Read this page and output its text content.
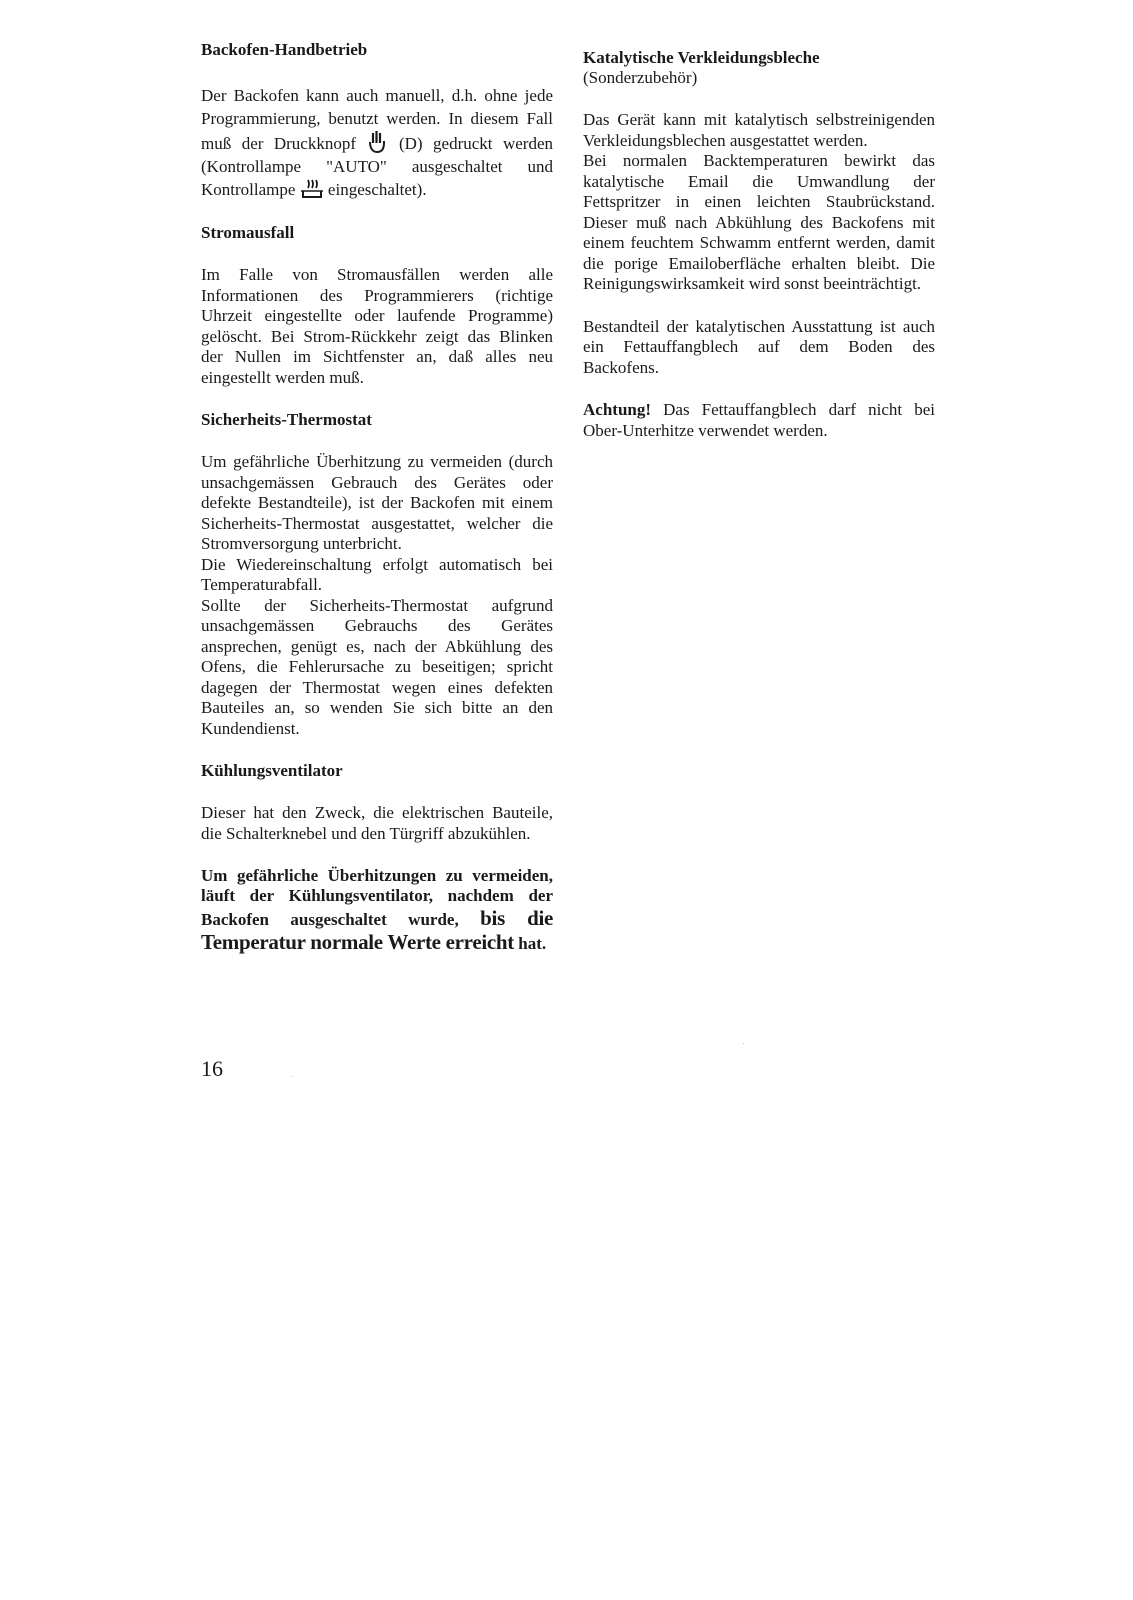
Backofen-Handbetrieb

Der Backofen kann auch manuell, d.h. ohne jede Programmierung, benutzt werden. In diesem Fall muß der Druckknopf	(D) gedruckt werden (Kontrollampe "AUTO" ausgeschaltet und Kontrollampe eingeschaltet).

Stromausfall

Im Falle von Stromausfällen werden alle Informationen des Programmierers (richtige Uhrzeit eingestellte oder laufende Programme) gelöscht. Bei Strom-Rückkehr zeigt das Blinken der Nullen im Sichtfenster an, daß alles neu eingestellt werden muß.

Sicherheits-Thermostat

Um gefährliche Überhitzung zu vermeiden (durch unsachgemässen Gebrauch des Gerätes oder defekte Bestandteile), ist der Backofen mit einem Sicherheits-Thermostat ausgestattet, welcher die Stromversorgung unterbricht.
Die Wiedereinschaltung erfolgt automatisch bei Temperaturabfall.
Sollte der Sicherheits-Thermostat aufgrund unsachgemässen Gebrauchs des Gerätes ansprechen, genügt es, nach der Abkühlung des Ofens, die Fehlerursache zu beseitigen; spricht dagegen der Thermostat wegen eines defekten Bauteiles an, so wenden Sie sich bitte an den Kundendienst.

Kühlungsventilator

Dieser hat den Zweck, die elektrischen Bauteile, die Schalterknebel und den Türgriff abzukühlen.

Um gefährliche Überhitzungen zu vermeiden, läuft der Kühlungsventilator, nachdem der Backofen ausgeschaltet wurde, bis die Temperatur normale Werte erreicht hat.

Katalytische Verkleidungsbleche

(Sonderzubehör)

Das Gerät kann mit katalytisch selbstreinigenden Verkleidungsblechen ausgestattet werden.
Bei normalen Backtemperaturen bewirkt das katalytische Email die Umwandlung der Fettspritzer in einen leichten Staubrückstand. Dieser muß nach Abkühlung des Backofens mit einem feuchtem Schwamm entfernt werden, damit die porige Emailoberfläche erhalten bleibt. Die Reinigungswirksamkeit wird sonst beeinträchtigt.

Bestandteil der katalytischen Ausstattung ist auch ein Fettauffangblech auf dem Boden des Backofens.

Achtung! Das Fettauffangblech darf nicht bei Ober-Unterhitze verwendet werden.

16
